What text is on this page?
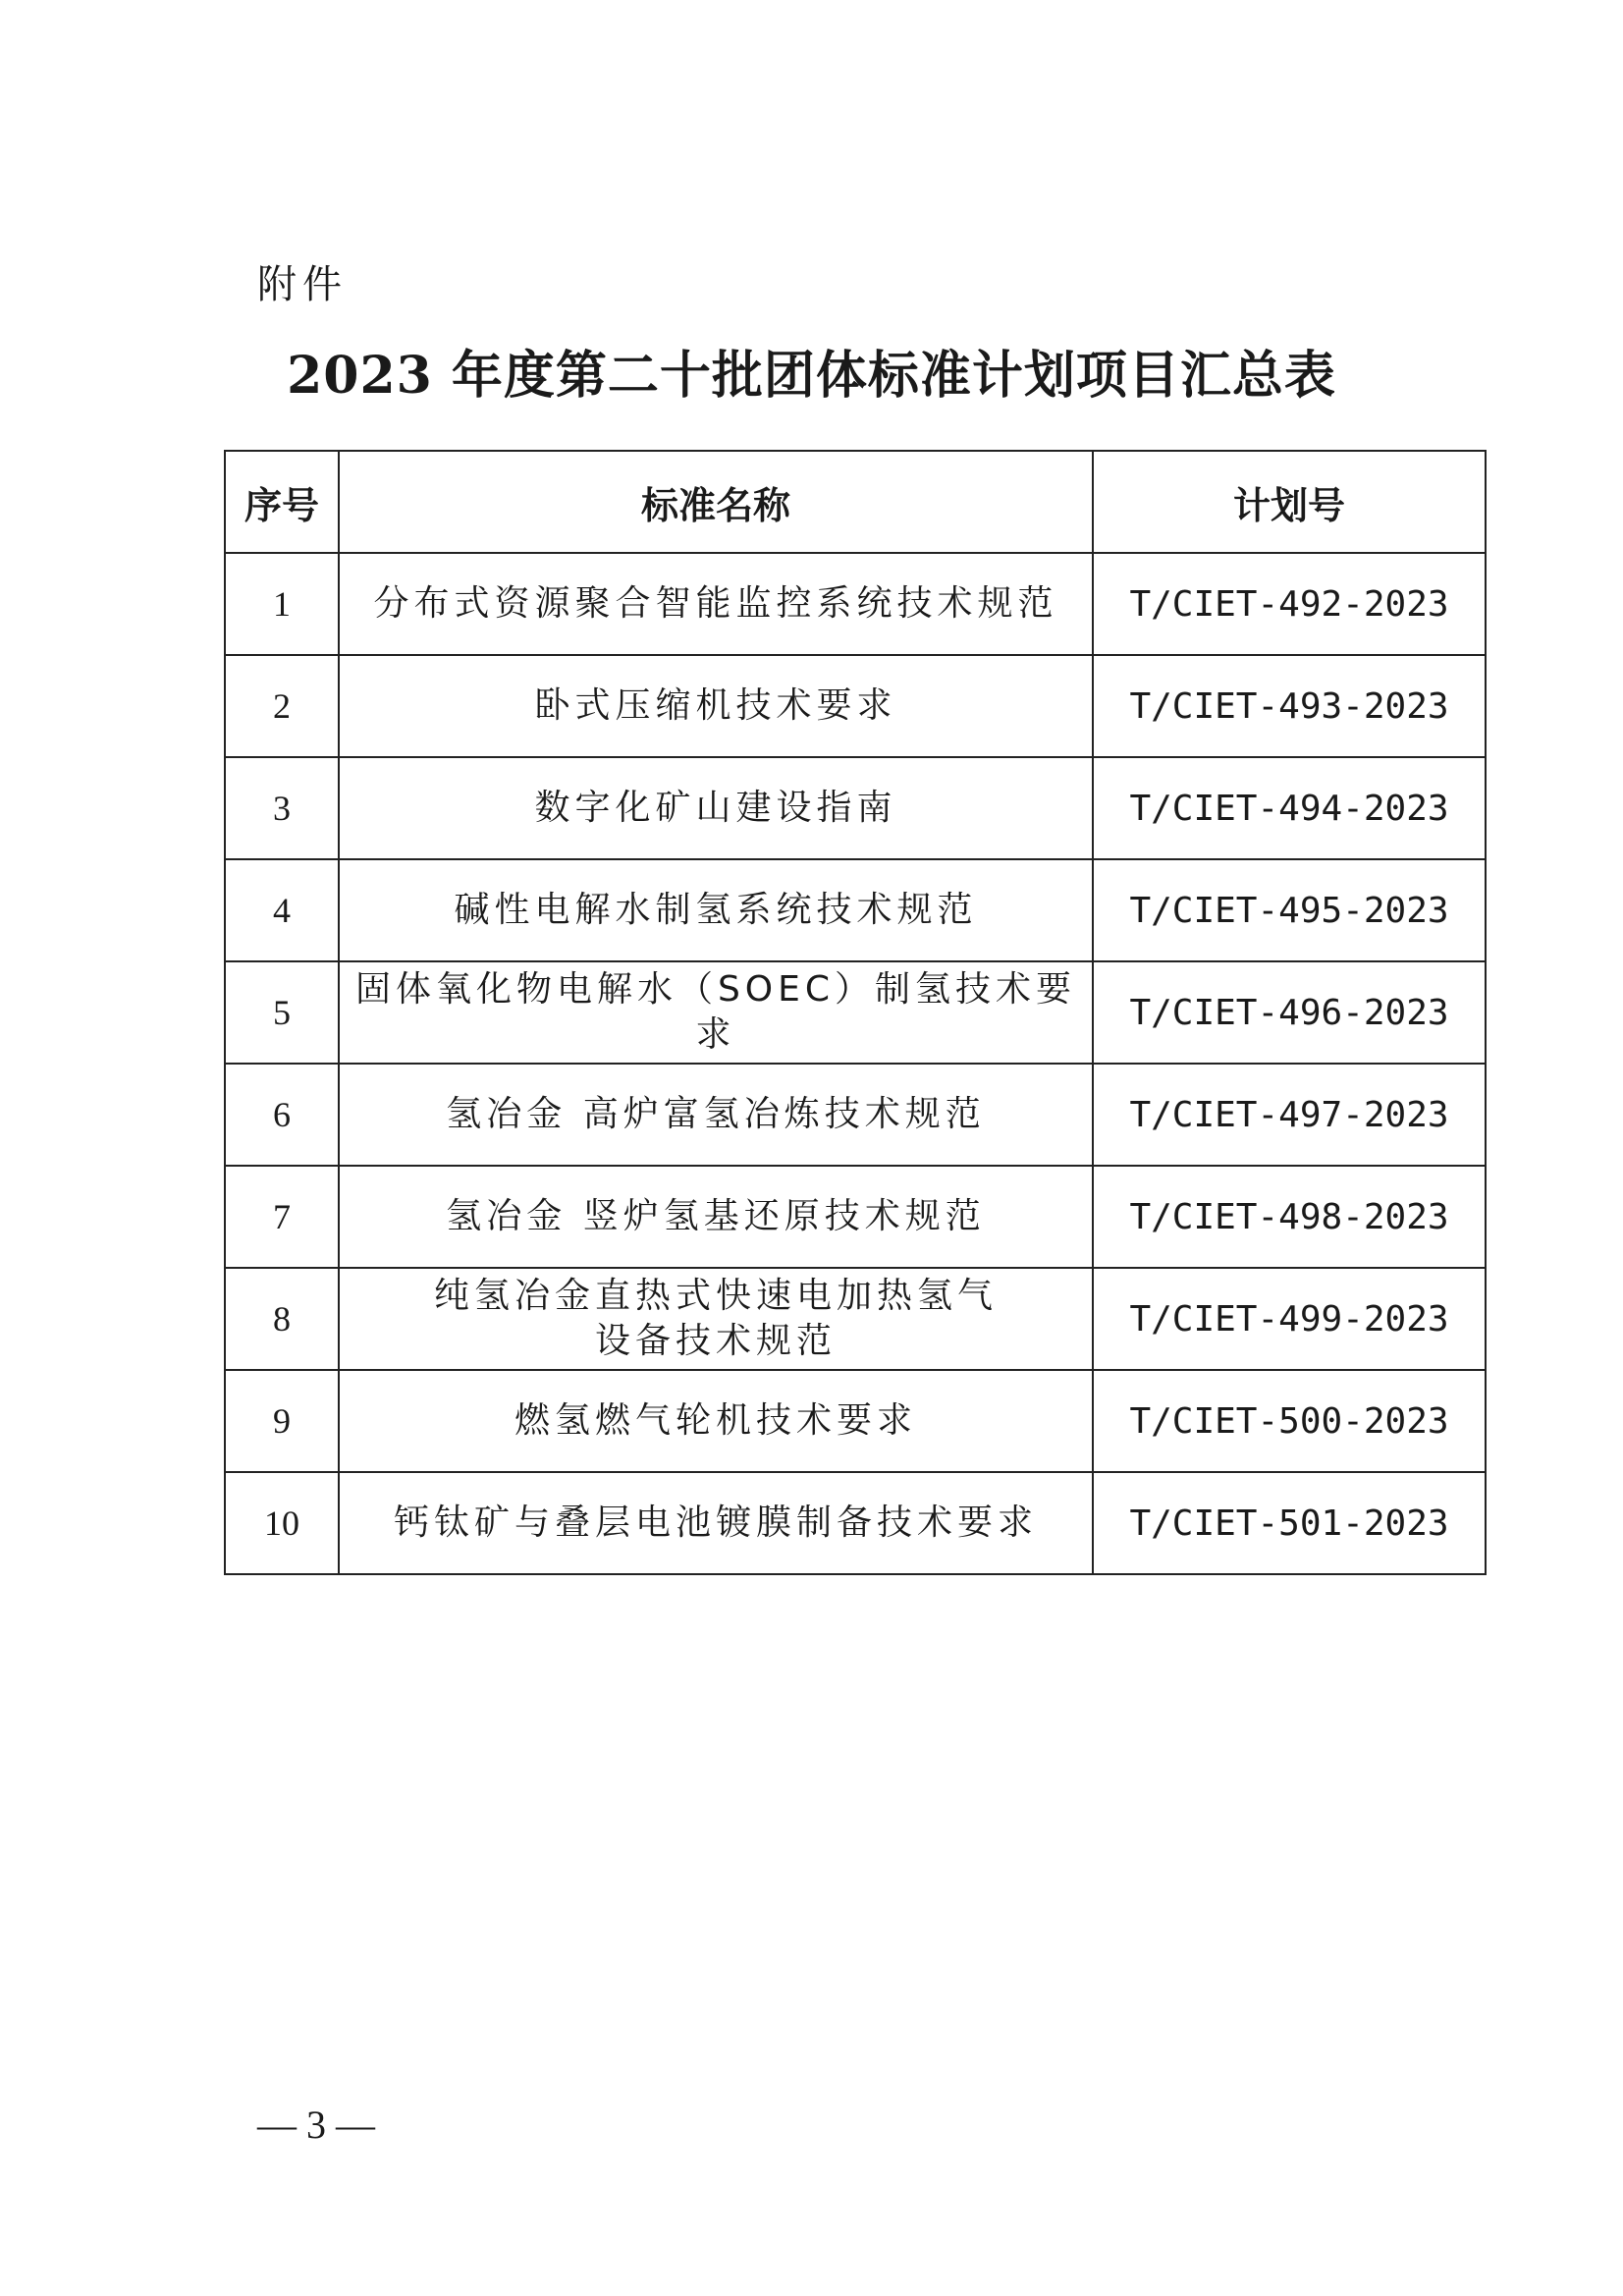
附件
2023 年度第二十批团体标准计划项目汇总表
序号	标准名称	计划号
1	分布式资源聚合智能监控系统技术规范	T/CIET-492-2023
2	卧式压缩机技术要求	T/CIET-493-2023
3	数字化矿山建设指南	T/CIET-494-2023
4	碱性电解水制氢系统技术规范	T/CIET-495-2023
5	固体氧化物电解水（SOEC）制氢技术要求	T/CIET-496-2023
6	氢冶金 高炉富氢冶炼技术规范	T/CIET-497-2023
7	氢冶金 竖炉氢基还原技术规范	T/CIET-498-2023
8	纯氢冶金直热式快速电加热氢气
设备技术规范	T/CIET-499-2023
9	燃氢燃气轮机技术要求	T/CIET-500-2023
10	钙钛矿与叠层电池镀膜制备技术要求	T/CIET-501-2023
— 3 —
